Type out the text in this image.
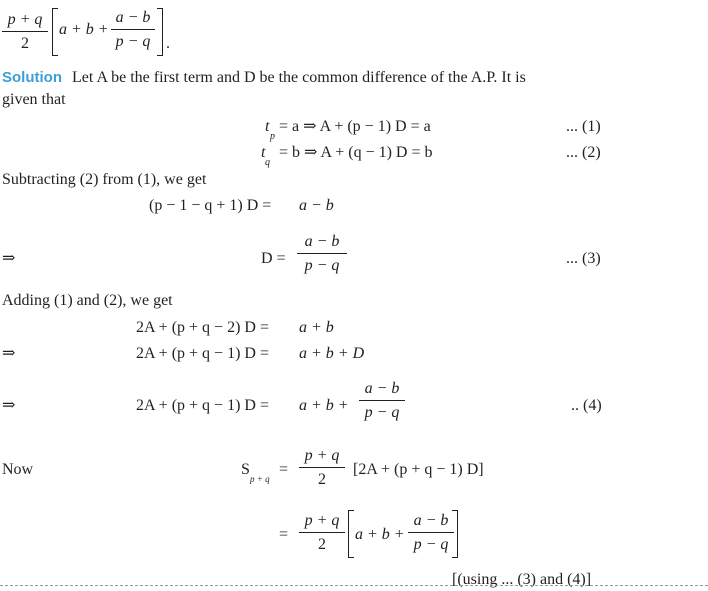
$\frac{p + q}{2}$ $a + b + \frac{a - b}{p - q}$ .
Solution Let A be the first term and D be the common difference of the A.P. It is
given that
t
p
= a ⇒ A + (p − 1) D = a	... (1)
t
q
= b ⇒ A + (q − 1) D = b	... (2)
Subtracting (2) from (1), we get
(p − 1 − q + 1) D = a − b
⇒	$D = \frac{a - b}{p - q}$	... (3)
Adding (1) and (2), we get
2A + (p + q − 2) D = a + b
⇒	2A + (p + q − 1) D = a + b + D
⇒	2A + (p + q − 1) $D = a + b + \frac{a - b}{p - q}$	.. (4)
Now	S
p + q
= $\frac{p + q}{2} [2A + (p + q - 1)$ D]
= $\frac{p + q}{2}$ $a + b + \frac{a - b}{p - q}$
[(using ... (3) and (4)]
